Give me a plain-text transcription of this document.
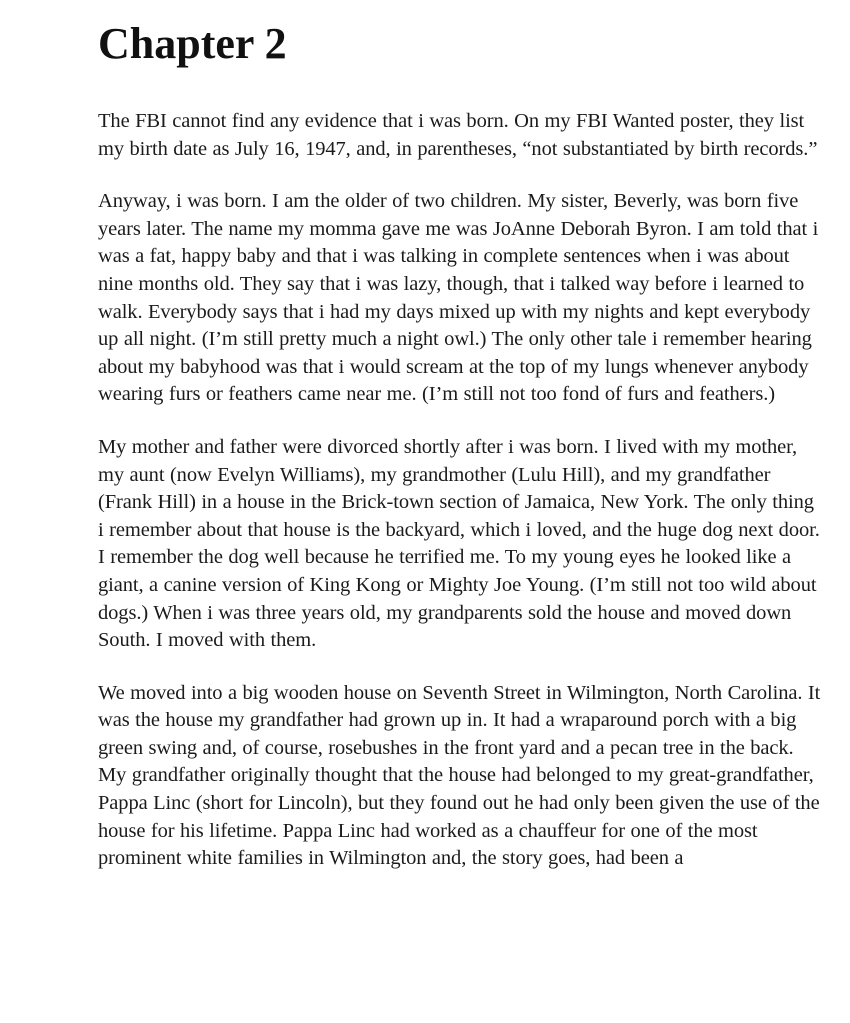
Chapter 2

The FBI cannot find any evidence that i was born. On my FBI Wanted poster, they list my birth date as July 16, 1947, and, in parentheses, “not substantiated by birth records.”

Anyway, i was born. I am the older of two children. My sister, Beverly, was born five years later. The name my momma gave me was JoAnne Deborah Byron. I am told that i was a fat, happy baby and that i was talking in complete sentences when i was about nine months old. They say that i was lazy, though, that i talked way before i learned to walk. Everybody says that i had my days mixed up with my nights and kept everybody up all night. (I’m still pretty much a night owl.) The only other tale i remember hearing about my babyhood was that i would scream at the top of my lungs whenever anybody wearing furs or feathers came near me. (I’m still not too fond of furs and feathers.)

My mother and father were divorced shortly after i was born. I lived with my mother, my aunt (now Evelyn Williams), my grandmother (Lulu Hill), and my grandfather (Frank Hill) in a house in the Brick-town section of Jamaica, New York. The only thing i remember about that house is the backyard, which i loved, and the huge dog next door. I remember the dog well because he terrified me. To my young eyes he looked like a giant, a canine version of King Kong or Mighty Joe Young. (I’m still not too wild about dogs.) When i was three years old, my grandparents sold the house and moved down South. I moved with them.

We moved into a big wooden house on Seventh Street in Wilmington, North Carolina. It was the house my grandfather had grown up in. It had a wraparound porch with a big green swing and, of course, rosebushes in the front yard and a pecan tree in the back. My grandfather originally thought that the house had belonged to my great-grandfather, Pappa Linc (short for Lincoln), but they found out he had only been given the use of the house for his lifetime. Pappa Linc had worked as a chauffeur for one of the most prominent white families in Wilmington and, the story goes, had been a
